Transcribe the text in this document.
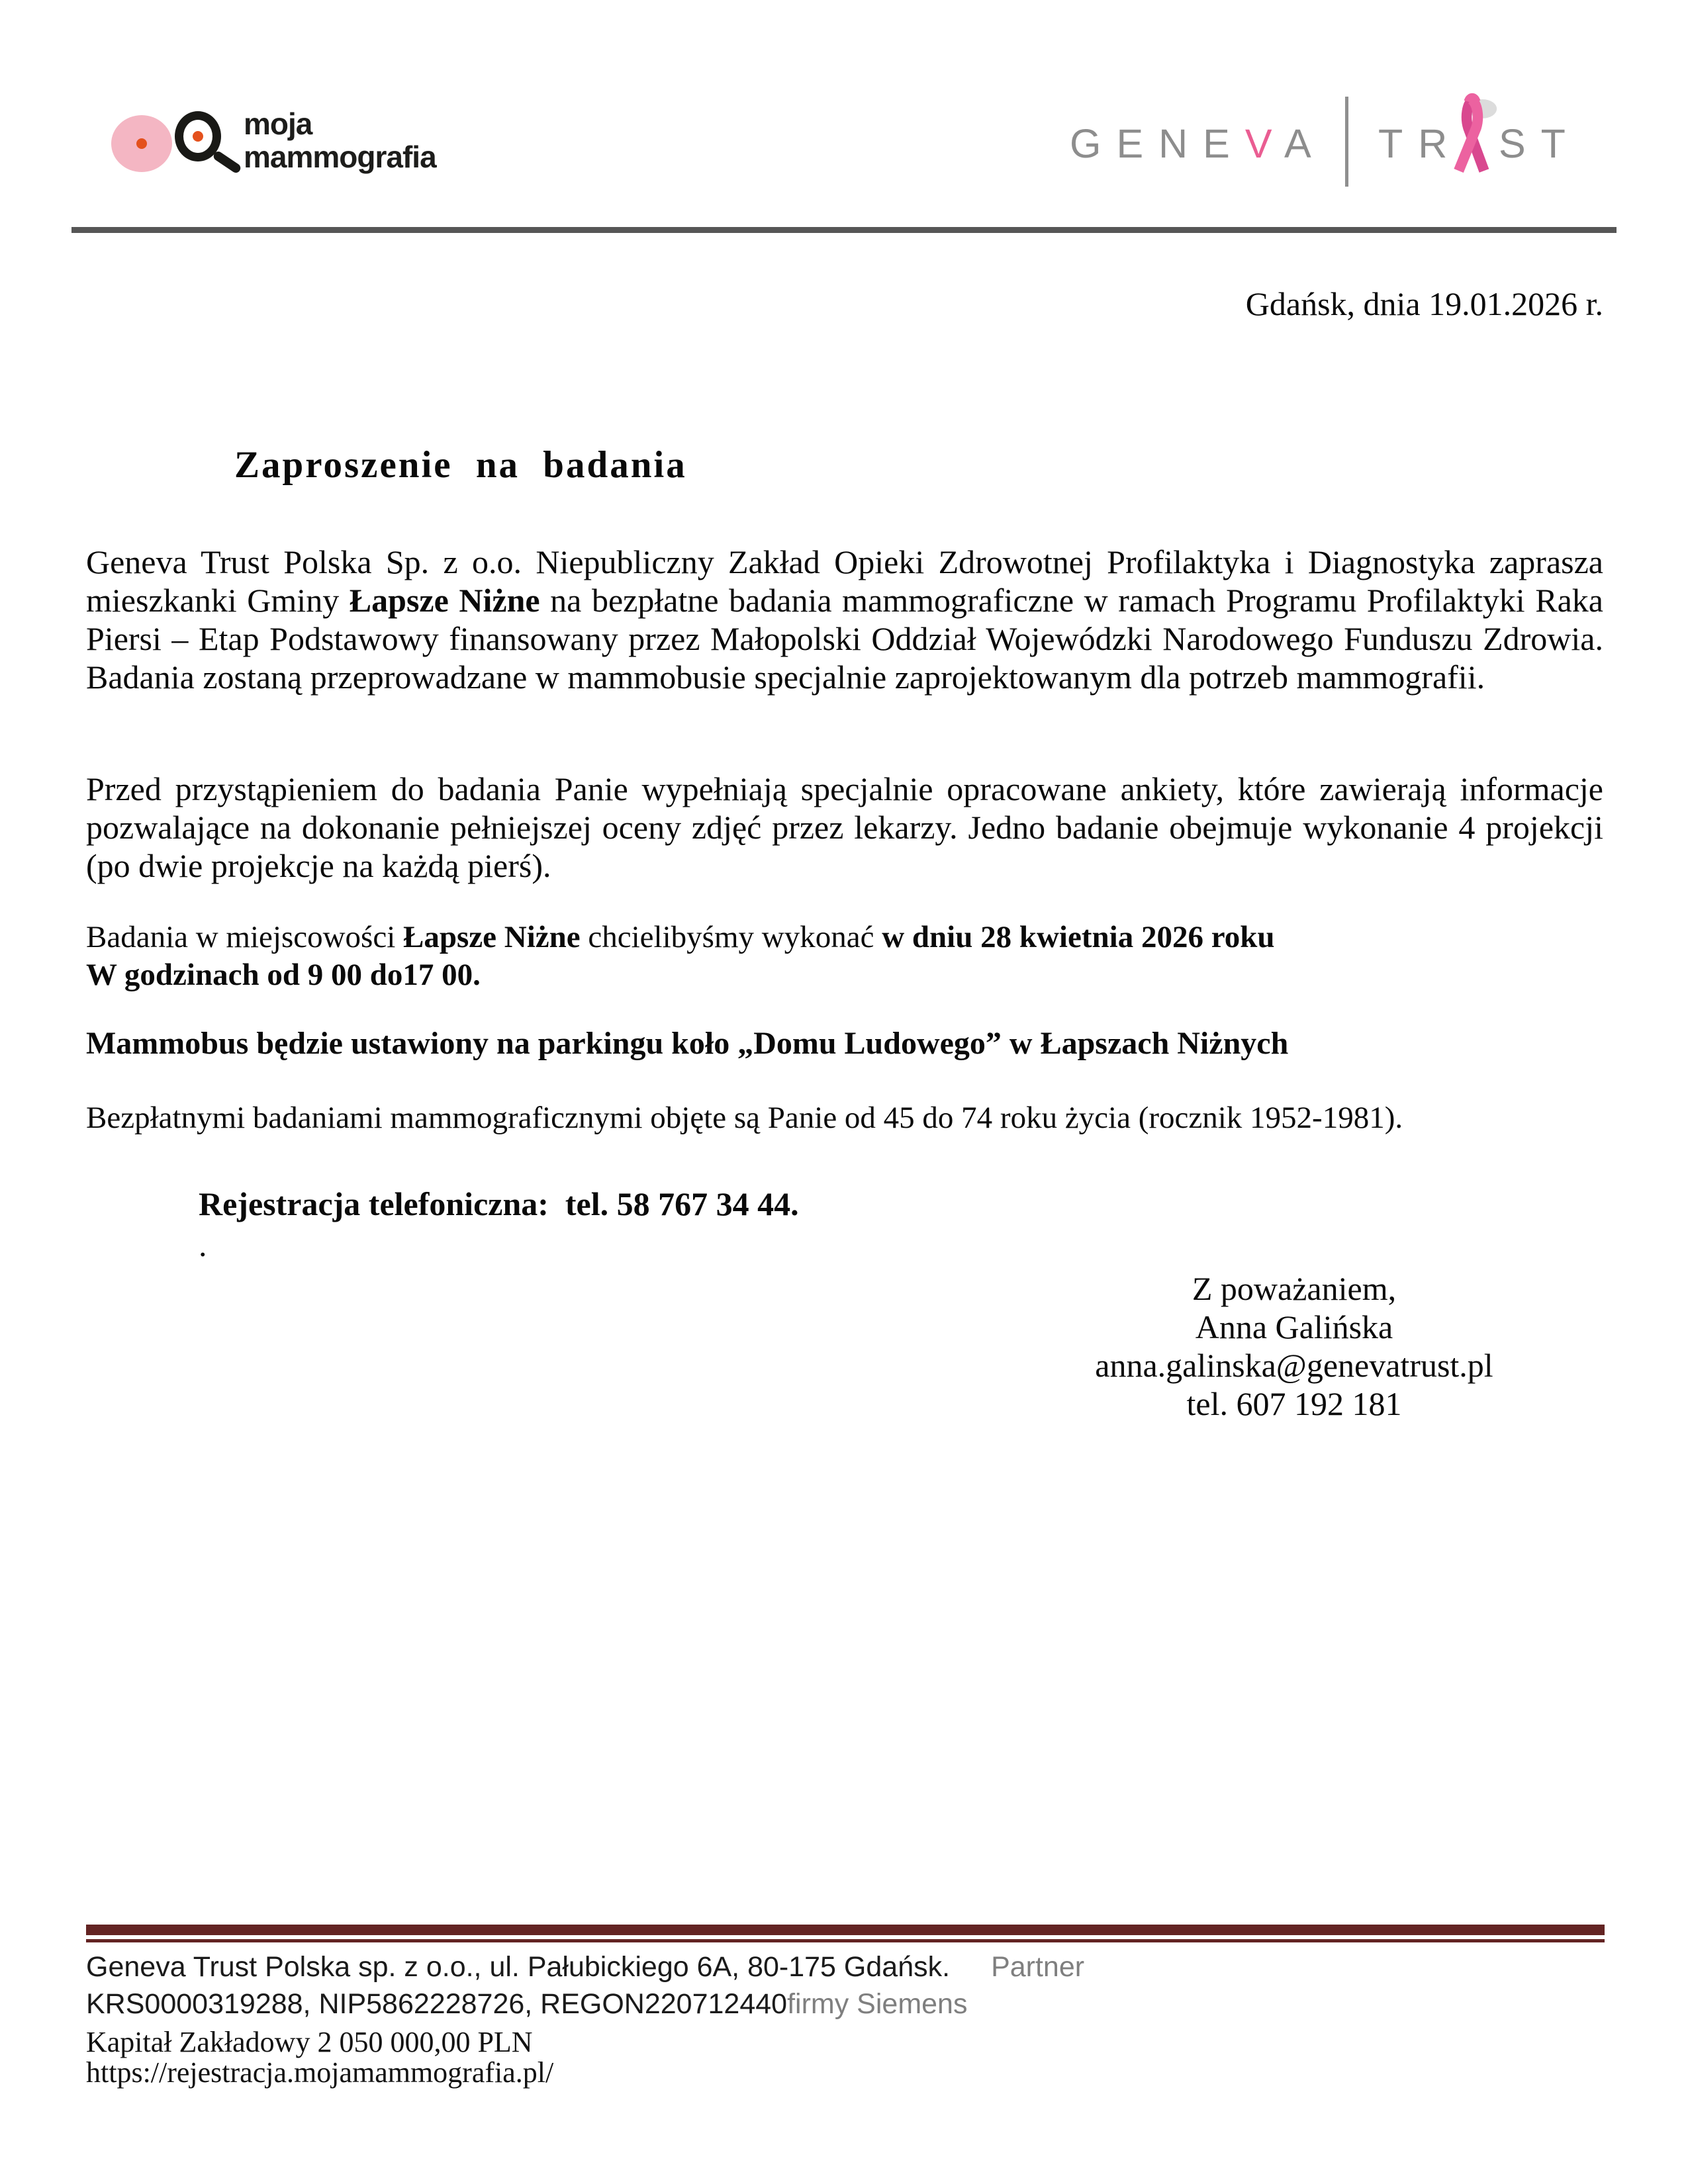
moja
mammografia	GENEVA TR ST
Gdańsk, dnia 19.01.2026 r.
Zaproszenie na badania
Geneva Trust Polska Sp. z o.o. Niepubliczny Zakład Opieki Zdrowotnej Profilaktyka i Diagnostyka zaprasza mieszkanki Gminy Łapsze Niżne na bezpłatne badania mammograficzne w ramach Programu Profilaktyki Raka Piersi – Etap Podstawowy finansowany przez Małopolski Oddział Wojewódzki Narodowego Funduszu Zdrowia. Badania zostaną przeprowadzane w mammobusie specjalnie zaprojektowanym dla potrzeb mammografii.
Przed przystąpieniem do badania Panie wypełniają specjalnie opracowane ankiety, które zawierają informacje pozwalające na dokonanie pełniejszej oceny zdjęć przez lekarzy. Jedno badanie obejmuje wykonanie 4 projekcji (po dwie projekcje na każdą pierś).
Badania w miejscowości Łapsze Niżne chcielibyśmy wykonać w dniu 28 kwietnia 2026 roku
W godzinach od 9 00 do17 00.
Mammobus będzie ustawiony na parkingu koło „Domu Ludowego” w Łapszach Niżnych
Bezpłatnymi badaniami mammograficznymi objęte są Panie od 45 do 74 roku życia (rocznik 1952-1981).
Rejestracja telefoniczna:  tel. 58 767 34 44.
.
Z poważaniem,
Anna Galińska
anna.galinska@genevatrust.pl
tel. 607 192 181
Geneva Trust Polska sp. z o.o., ul. Pałubickiego 6A, 80-175 Gdańsk. Partner
KRS0000319288, NIP5862228726, REGON220712440firmy Siemens
Kapitał Zakładowy 2 050 000,00 PLN
https://rejestracja.mojamammografia.pl/
